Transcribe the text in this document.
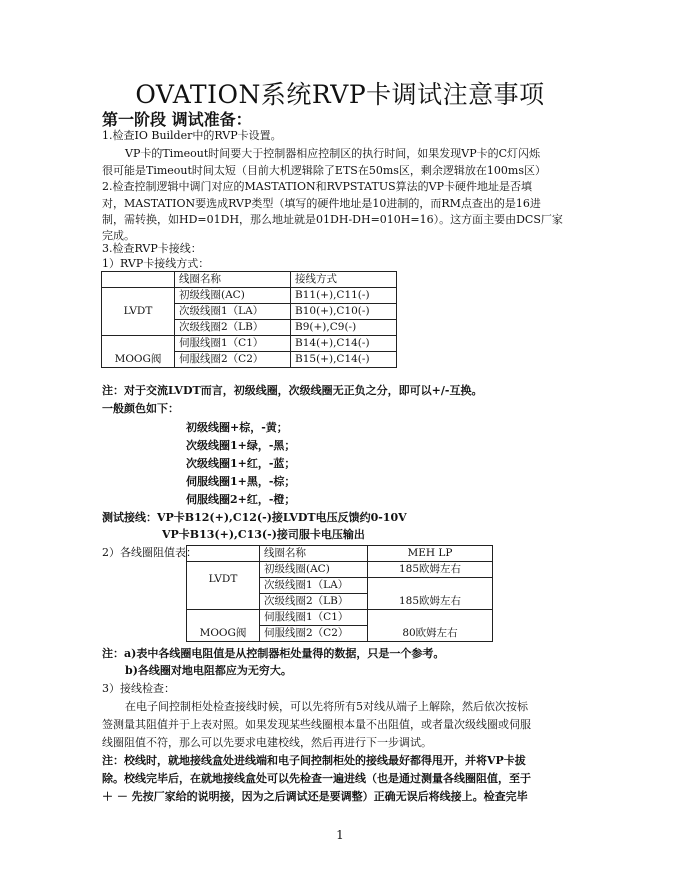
OVATION系统RVP卡调试注意事项
第一阶段 调试准备：
1.检查IO Builder中的RVP卡设置。
VP卡的Timeout时间要大于控制器相应控制区的执行时间，如果发现VP卡的C灯闪烁
很可能是Timeout时间太短（目前大机逻辑除了ETS在50ms区，剩余逻辑放在100ms区）
2.检查控制逻辑中调门对应的MASTATION和RVPSTATUS算法的VP卡硬件地址是否填
对，MASTATION要选成RVP类型（填写的硬件地址是10进制的，而RM点查出的是16进
制，需转换，如HD=01DH，那么地址就是01DH-DH=010H=16）。这方面主要由DCS厂家
完成。
3.检查RVP卡接线：
1）RVP卡接线方式：
	线圈名称	接线方式
LVDT	初级线圈(AC)	B11(+),C11(-)
	次级线圈1（LA）	B10(+),C10(-)
	次级线圈2（LB）	B9(+),C9(-)
MOOG阀	伺服线圈1（C1）	B14(+),C14(-)
	伺服线圈2（C2）	B15(+),C14(-)
注：对于交流LVDT而言，初级线圈，次级线圈无正负之分，即可以+/-互换。
一般颜色如下：
初级线圈+棕，-黄；
次级线圈1+绿，-黑；
次级线圈1+红，-蓝；
伺服线圈1+黑，-棕；
伺服线圈2+红，-橙；
测试接线：VP卡B12(+),C12(-)接LVDT电压反馈约0-10V
VP卡B13(+),C13(-)接司服卡电压输出
2）各线圈阻值表：
		线圈名称	MEH LP
LVDT	初级线圈(AC)	185欧姆左右
	次级线圈1（LA）	185欧姆左右
	次级线圈2（LB）	
MOOG阀	伺服线圈1（C1）	80欧姆左右
	伺服线圈2（C2）	
注：a)表中各线圈电阻值是从控制器柜处量得的数据，只是一个参考。
b)各线圈对地电阻都应为无穷大。
3）接线检查：
在电子间控制柜处检查接线时候，可以先将所有5对线从端子上解除，然后依次按标
签测量其阻值并于上表对照。如果发现某些线圈根本量不出阻值，或者量次级线圈或伺服
线圈阻值不符，那么可以先要求电建校线，然后再进行下一步调试。
注：校线时，就地接线盒处进线端和电子间控制柜处的接线最好都得甩开，并将VP卡拔
除。校线完毕后，在就地接线盒处可以先检查一遍进线（也是通过测量各线圈阻值，至于
＋ － 先按厂家给的说明接，因为之后调试还是要调整）正确无误后将线接上。检查完毕
1
